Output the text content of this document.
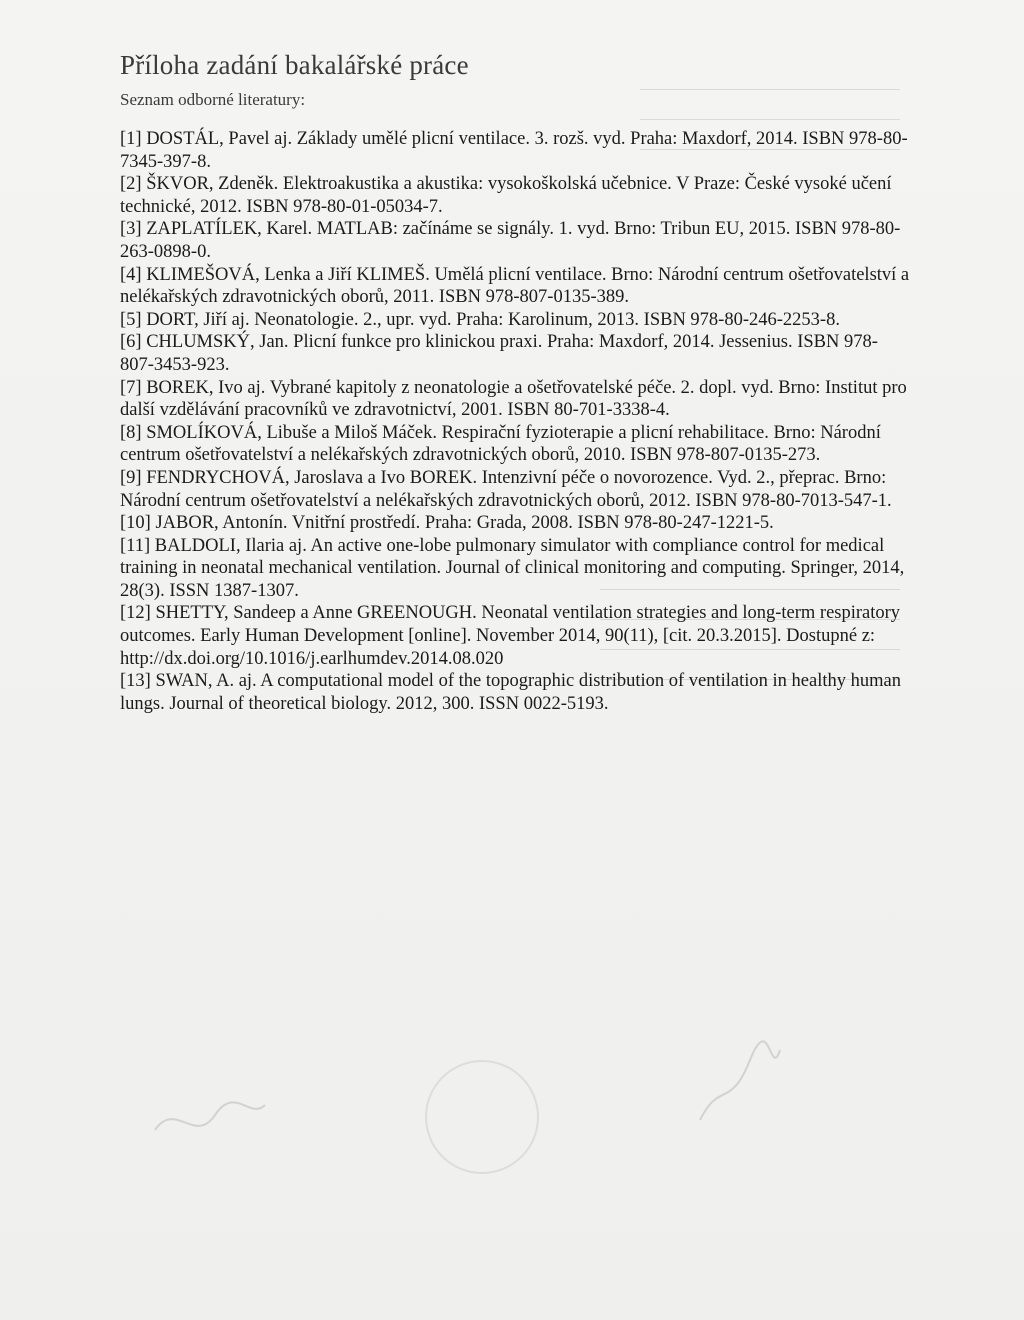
Příloha zadání bakalářské práce
Seznam odborné literatury:
[1] DOSTÁL, Pavel aj. Základy umělé plicní ventilace. 3. rozš. vyd. Praha: Maxdorf, 2014. ISBN 978-80-7345-397-8.
[2] ŠKVOR, Zdeněk. Elektroakustika a akustika: vysokoškolská učebnice. V Praze: České vysoké učení technické, 2012. ISBN 978-80-01-05034-7.
[3] ZAPLATÍLEK, Karel. MATLAB: začínáme se signály. 1. vyd. Brno: Tribun EU, 2015. ISBN 978-80-263-0898-0.
[4] KLIMEŠOVÁ, Lenka a Jiří KLIMEŠ. Umělá plicní ventilace. Brno: Národní centrum ošetřovatelství a nelékařských zdravotnických oborů, 2011. ISBN 978-807-0135-389.
[5] DORT, Jiří aj. Neonatologie. 2., upr. vyd. Praha: Karolinum, 2013. ISBN 978-80-246-2253-8.
[6] CHLUMSKÝ, Jan. Plicní funkce pro klinickou praxi. Praha: Maxdorf, 2014. Jessenius. ISBN 978-807-3453-923.
[7] BOREK, Ivo aj. Vybrané kapitoly z neonatologie a ošetřovatelské péče. 2. dopl. vyd. Brno: Institut pro další vzdělávání pracovníků ve zdravotnictví, 2001. ISBN 80-701-3338-4.
[8] SMOLÍKOVÁ, Libuše a Miloš Máček. Respirační fyzioterapie a plicní rehabilitace. Brno: Národní centrum ošetřovatelství a nelékařských zdravotnických oborů, 2010. ISBN 978-807-0135-273.
[9] FENDRYCHOVÁ, Jaroslava a Ivo BOREK. Intenzivní péče o novorozence. Vyd. 2., přeprac. Brno: Národní centrum ošetřovatelství a nelékařských zdravotnických oborů, 2012. ISBN 978-80-7013-547-1.
[10] JABOR, Antonín. Vnitřní prostředí. Praha: Grada, 2008. ISBN 978-80-247-1221-5.
[11] BALDOLI, Ilaria aj. An active one-lobe pulmonary simulator with compliance control for medical training in neonatal mechanical ventilation. Journal of clinical monitoring and computing. Springer, 2014, 28(3). ISSN 1387-1307.
[12] SHETTY, Sandeep a Anne GREENOUGH. Neonatal ventilation strategies and long-term respiratory outcomes. Early Human Development [online]. November 2014, 90(11), [cit. 20.3.2015]. Dostupné z: http://dx.doi.org/10.1016/j.earlhumdev.2014.08.020
[13] SWAN, A. aj. A computational model of the topographic distribution of ventilation in healthy human lungs. Journal of theoretical biology. 2012, 300. ISSN 0022-5193.
